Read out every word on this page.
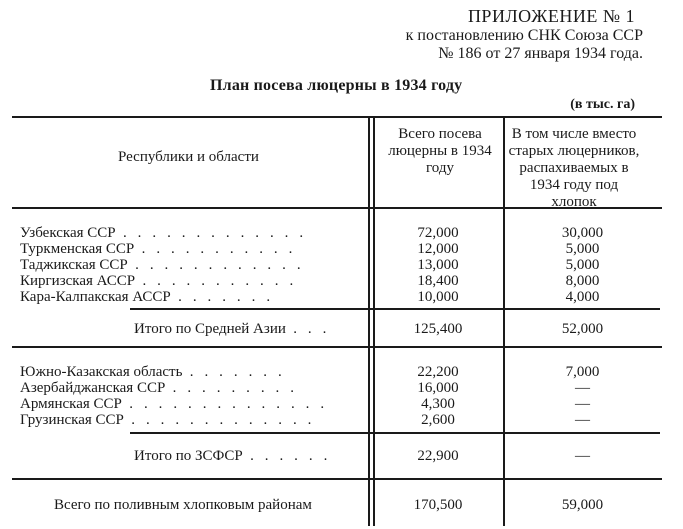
ПРИЛОЖЕНИЕ № 1
к постановлению СНК Союза ССР
№ 186 от 27 января 1934 года.
План посева люцерны в 1934 году
(в тыс. га)
Республики и области
Всего посева люцерны в 1934 году
В том числе вместо старых люцерников, распахиваемых в 1934 году под хлопок
Узбекская ССР . . . . . . . . . . . . .	72,000	30,000
Туркменская ССР . . . . . . . . . . .	12,000	5,000
Таджикская ССР . . . . . . . . . . . .	13,000	5,000
Киргизская АССР . . . . . . . . . . .	18,400	8,000
Кара-Калпакская АССР . . . . . . .	10,000	4,000
Итого по Средней Азии . . .	125,400	52,000
Южно-Казакская область . . . . . . .	22,200	7,000
Азербайджанская ССР . . . . . . . . .	16,000	—
Армянская ССР . . . . . . . . . . . . . .	4,300	—
Грузинская ССР . . . . . . . . . . . . .	2,600	—
Итого по ЗСФСР . . . . . .	22,900	—
Всего по поливным хлопковым районам	170,500	59,000
